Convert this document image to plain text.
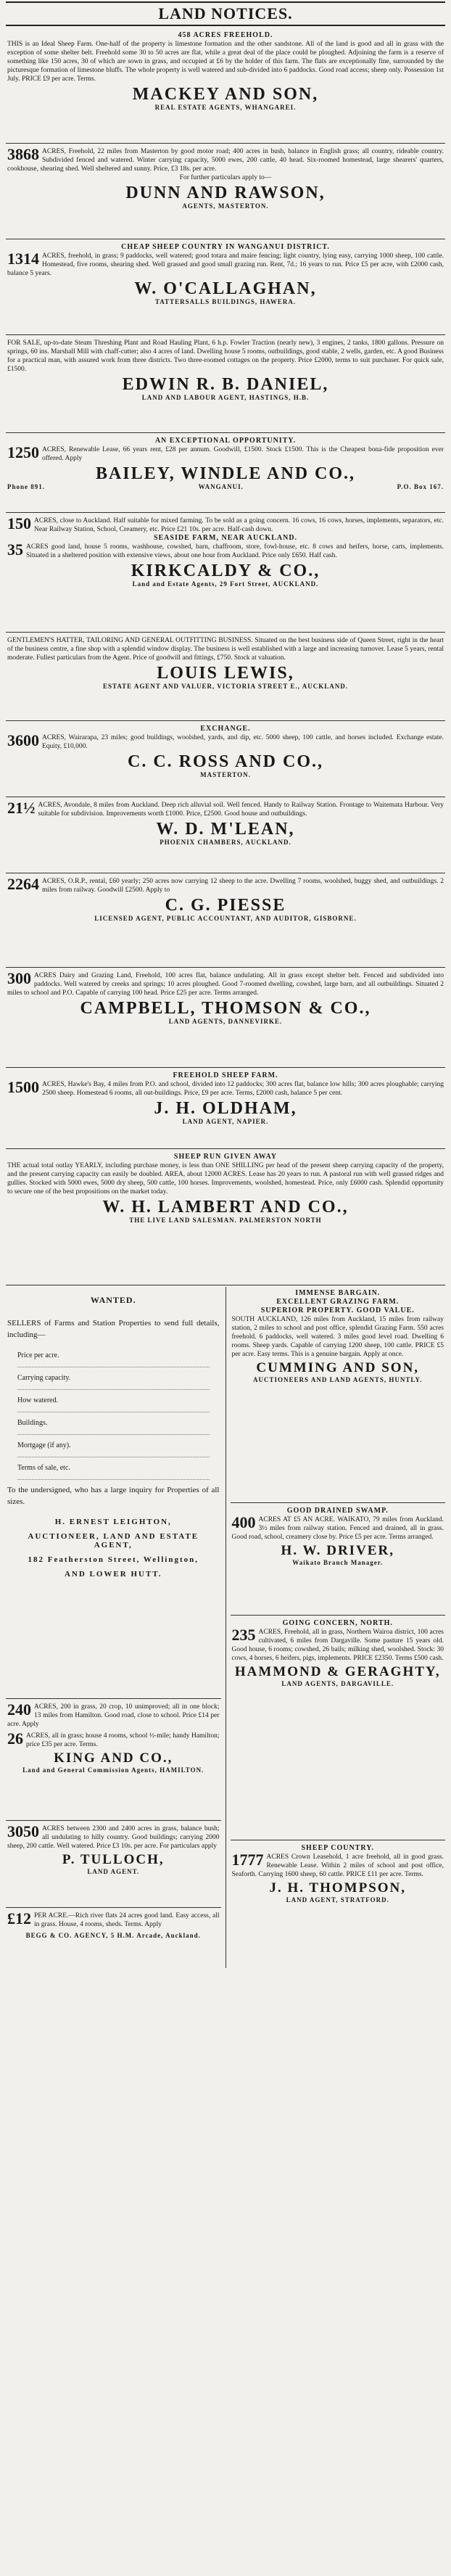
LAND NOTICES.
458 ACRES FREEHOLD.
THIS is an Ideal Sheep Farm. One-half of the property is limestone formation and the other sandstone. All of the land is good and all in grass with the exception of some shelter belt. Freehold some 30 to 50 acres are flat, while a great deal of the place could be ploughed. Adjoining the farm is a reserve of something like 150 acres, 30 of which are sown in grass, and occupied at £6 by the holder of this farm. The flats are exceptionally fine, surrounded by the picturesque formation of limestone bluffs. The whole property is well watered and sub-divided into 6 paddocks. Good road access; sheep only. Possession 1st July. PRICE £9 per acre. Terms.
MACKEY AND SON,
REAL ESTATE AGENTS, WHANGAREI.
3868 ACRES, Freehold, 22 miles from Masterton by good motor road; 400 acres in bush, balance in English grass; all country, rideable country. Subdivided fenced and watered. Winter carrying capacity, 5000 ewes, 200 cattle, 40 head. Six-roomed homestead, large shearers' quarters, cookhouse, shearing shed. Well sheltered and sunny. Price, £3 18s. per acre.
For further particulars apply to—
DUNN AND RAWSON,
AGENTS, MASTERTON.
CHEAP SHEEP COUNTRY IN WANGANUI DISTRICT.
1314 ACRES, freehold, in grass; 9 paddocks, well watered; good totara and maire fencing; light country, lying easy, carrying 1000 sheep, 100 cattle. Homestead, five rooms, shearing shed. Well grassed and good small grazing run. Rent, 7d.; 16 years to run. Price £5 per acre, with £2000 cash, balance 5 years.
W. O'CALLAGHAN,
TATTERSALLS BUILDINGS, HAWERA.
FOR SALE, up-to-date Steam Threshing Plant and Road Hauling Plant, 6 h.p. Fowler Traction (nearly new), 3 engines, 2 tanks, 1800 gallons. Pressure on springs, 60 ins. Marshall Mill with chaff-cutter; also 4 acres of land. Dwelling house 5 rooms, outbuildings, good stable, 2 wells, garden, etc. A good Business for a practical man, with assured work from three districts. Two three-roomed cottages on the property. Price £2000, terms to suit purchaser. For quick sale, £1500.
EDWIN R. B. DANIEL,
LAND AND LABOUR AGENT, HASTINGS, H.B.
AN EXCEPTIONAL OPPORTUNITY.
1250 ACRES, Renewable Lease, 66 years rent, £28 per annum. Goodwill, £1500. Stock £1500. This is the Cheapest bona-fide proposition ever offered. Apply
BAILEY, WINDLE AND CO.,
Phone 891.	WANGANUI.	P.O. Box 167.
150 ACRES, close to Auckland. Half suitable for mixed farming. To be sold as a going concern. 16 cows, 16 cows, horses, implements, separators, etc. Near Railway Station, School, Creamery, etc. Price £21 10s. per acre. Half-cash down.
SEASIDE FARM, NEAR AUCKLAND.
35 ACRES good land, house 5 rooms, washhouse, cowshed, barn, chaffroom, store, fowl-house, etc. 8 cows and heifers, horse, carts, implements. Situated in a sheltered position with extensive views, about one hour from Auckland. Price only £650. Half cash.
KIRKCALDY & CO.,
Land and Estate Agents, 29 Fort Street, AUCKLAND.
GENTLEMEN'S HATTER, TAILORING AND GENERAL OUTFITTING BUSINESS. Situated on the best business side of Queen Street, right in the heart of the business centre, a fine shop with a splendid window display. The business is well established with a large and increasing turnover. Lease 5 years, rental moderate. Fullest particulars from the Agent. Price of goodwill and fittings, £750. Stock at valuation.
LOUIS LEWIS,
ESTATE AGENT AND VALUER, VICTORIA STREET E., AUCKLAND.
EXCHANGE.
3600 ACRES, Wairarapa, 23 miles; good buildings, woolshed, yards, and dip, etc. 5000 sheep, 100 cattle, and horses included. Exchange estate. Equity, £10,000.
C. C. ROSS AND CO.,
MASTERTON.
21½ ACRES, Avondale, 8 miles from Auckland. Deep rich alluvial soil. Well fenced. Handy to Railway Station. Frontage to Waitemata Harbour. Very suitable for subdivision. Improvements worth £1000. Price, £2500. Good house and outbuildings.
W. D. M'LEAN,
PHOENIX CHAMBERS, AUCKLAND.
2264 ACRES, O.R.P., rental, £60 yearly; 250 acres now carrying 12 sheep to the acre. Dwelling 7 rooms, woolshed, buggy shed, and outbuildings. 2 miles from railway. Goodwill £2500. Apply to
C. G. PIESSE
LICENSED AGENT, PUBLIC ACCOUNTANT, AND AUDITOR, GISBORNE.
300 ACRES Dairy and Grazing Land, Freehold, 100 acres flat, balance undulating. All in grass except shelter belt. Fenced and subdivided into paddocks. Well watered by creeks and springs; 10 acres ploughed. Good 7-roomed dwelling, cowshed, large barn, and all outbuildings. Situated 2 miles to school and P.O. Capable of carrying 100 head. Price £25 per acre. Terms arranged.
CAMPBELL, THOMSON & CO.,
LAND AGENTS, DANNEVIRKE.
FREEHOLD SHEEP FARM.
1500 ACRES, Hawke's Bay, 4 miles from P.O. and school, divided into 12 paddocks; 300 acres flat, balance low hills; 300 acres ploughable; carrying 2500 sheep. Homestead 6 rooms, all out-buildings. Price, £9 per acre. Terms, £2000 cash, balance 5 per cent.
J. H. OLDHAM,
LAND AGENT, NAPIER.
SHEEP RUN GIVEN AWAY
THE actual total outlay YEARLY, including purchase money, is less than ONE SHILLING per head of the present sheep carrying capacity of the property, and the present carrying capacity can easily be doubled. AREA, about 12000 ACRES. Lease has 20 years to run. A pastoral run with well grassed ridges and gullies. Stocked with 5000 ewes, 5000 dry sheep, 500 cattle, 100 horses. Improvements, woolshed, homestead. Price, only £6000 cash. Splendid opportunity to secure one of the best propositions on the market today.
W. H. LAMBERT AND CO.,
THE LIVE LAND SALESMAN. PALMERSTON NORTH
WANTED.
SELLERS of Farms and Station Properties to send full details, including—
Price per acre.
Carrying capacity.
How watered.
Buildings.
Mortgage (if any).
Terms of sale, etc.
To the undersigned, who has a large inquiry for Properties of all sizes.
H. ERNEST LEIGHTON,
AUCTIONEER, LAND AND ESTATE AGENT,
182 Featherston Street, Wellington,
AND LOWER HUTT.
240 ACRES, 200 in grass, 20 crop, 10 unimproved; all in one block; 13 miles from Hamilton. Good road, close to school. Price £14 per acre. Apply
26 ACRES, all in grass; house 4 rooms, school ½-mile; handy Hamilton; price £35 per acre. Terms.
KING AND CO.,
Land and General Commission Agents, HAMILTON.
3050 ACRES between 2300 and 2400 acres in grass, balance bush; all undulating to hilly country. Good buildings; carrying 2000 sheep, 200 cattle. Well watered. Price £3 10s. per acre. For particulars apply
P. TULLOCH,
LAND AGENT.
£12 PER ACRE.—Rich river flats 24 acres good land. Easy access, all in grass. House, 4 rooms, sheds. Terms. Apply
BEGG & CO. AGENCY, 5 H.M. Arcade, Auckland.
IMMENSE BARGAIN.
EXCELLENT GRAZING FARM.
SUPERIOR PROPERTY. GOOD VALUE.
SOUTH AUCKLAND, 126 miles from Auckland, 15 miles from railway station, 2 miles to school and post office, splendid Grazing Farm. 550 acres freehold. 6 paddocks, well watered. 3 miles good level road. Dwelling 6 rooms. Sheep yards. Capable of carrying 1200 sheep, 100 cattle. PRICE £5 per acre. Easy terms. This is a genuine bargain. Apply at once.
CUMMING AND SON,
AUCTIONEERS AND LAND AGENTS, HUNTLY.
GOOD DRAINED SWAMP.
400 ACRES AT £5 AN ACRE. WAIKATO, 79 miles from Auckland. 3½ miles from railway station. Fenced and drained, all in grass. Good road, school, creamery close by. Price £5 per acre. Terms arranged.
H. W. DRIVER,
Waikato Branch Manager.
GOING CONCERN, NORTH.
235 ACRES, Freehold, all in grass, Northern Wairoa district, 100 acres cultivated, 6 miles from Dargaville. Some pasture 15 years old. Good house, 6 rooms; cowshed, 26 bails; milking shed, woolshed. Stock: 30 cows, 4 horses, 6 heifers, pigs, implements. PRICE £2350. Terms £500 cash.
HAMMOND & GERAGHTY,
LAND AGENTS, DARGAVILLE.
SHEEP COUNTRY.
1777 ACRES Crown Leasehold, 1 acre freehold, all in good grass. Renewable Lease. Within 2 miles of school and post office, Seaforth. Carrying 1600 sheep, 60 cattle. PRICE £11 per acre. Terms.
J. H. THOMPSON,
LAND AGENT, STRATFORD.
